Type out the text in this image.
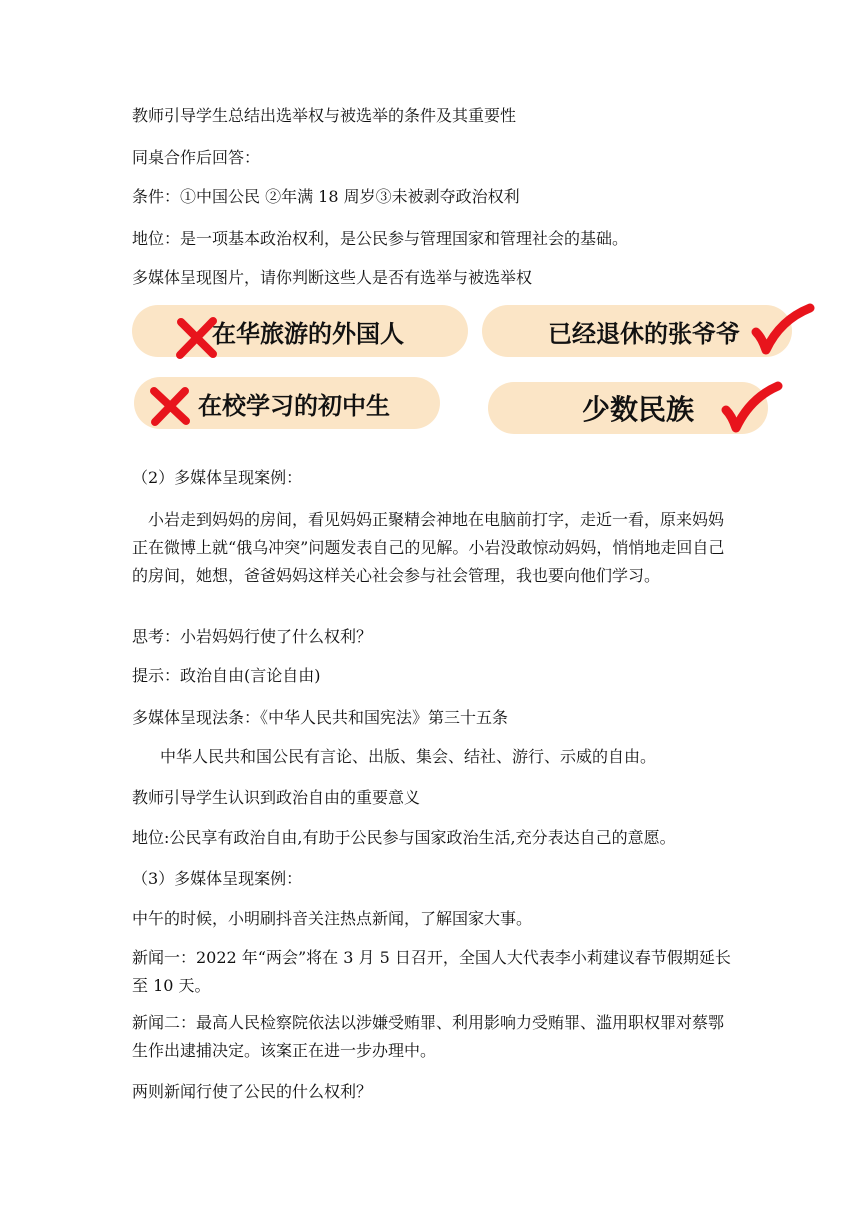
教师引导学生总结出选举权与被选举的条件及其重要性
同桌合作后回答：
条件：①中国公民 ②年满 18 周岁③未被剥夺政治权利
地位：是一项基本政治权利，是公民参与管理国家和管理社会的基础。
多媒体呈现图片，请你判断这些人是否有选举与被选举权
在华旅游的外国人	已经退休的张爷爷
在校学习的初中生	少数民族
（2）多媒体呈现案例：
小岩走到妈妈的房间，看见妈妈正聚精会神地在电脑前打字，走近一看，原来妈妈正在微博上就“俄乌冲突”问题发表自己的见解。小岩没敢惊动妈妈，悄悄地走回自己的房间，她想，爸爸妈妈这样关心社会参与社会管理，我也要向他们学习。
思考：小岩妈妈行使了什么权利？
提示：政治自由(言论自由)
多媒体呈现法条：《中华人民共和国宪法》第三十五条
中华人民共和国公民有言论、出版、集会、结社、游行、示威的自由。
教师引导学生认识到政治自由的重要意义
地位:公民享有政治自由,有助于公民参与国家政治生活,充分表达自己的意愿。
（3）多媒体呈现案例：
中午的时候，小明刷抖音关注热点新闻，了解国家大事。
新闻一：2022 年“两会”将在 3 月 5 日召开，全国人大代表李小莉建议春节假期延长至 10 天。
新闻二：最高人民检察院依法以涉嫌受贿罪、利用影响力受贿罪、滥用职权罪对蔡鄂生作出逮捕决定。该案正在进一步办理中。
两则新闻行使了公民的什么权利？
